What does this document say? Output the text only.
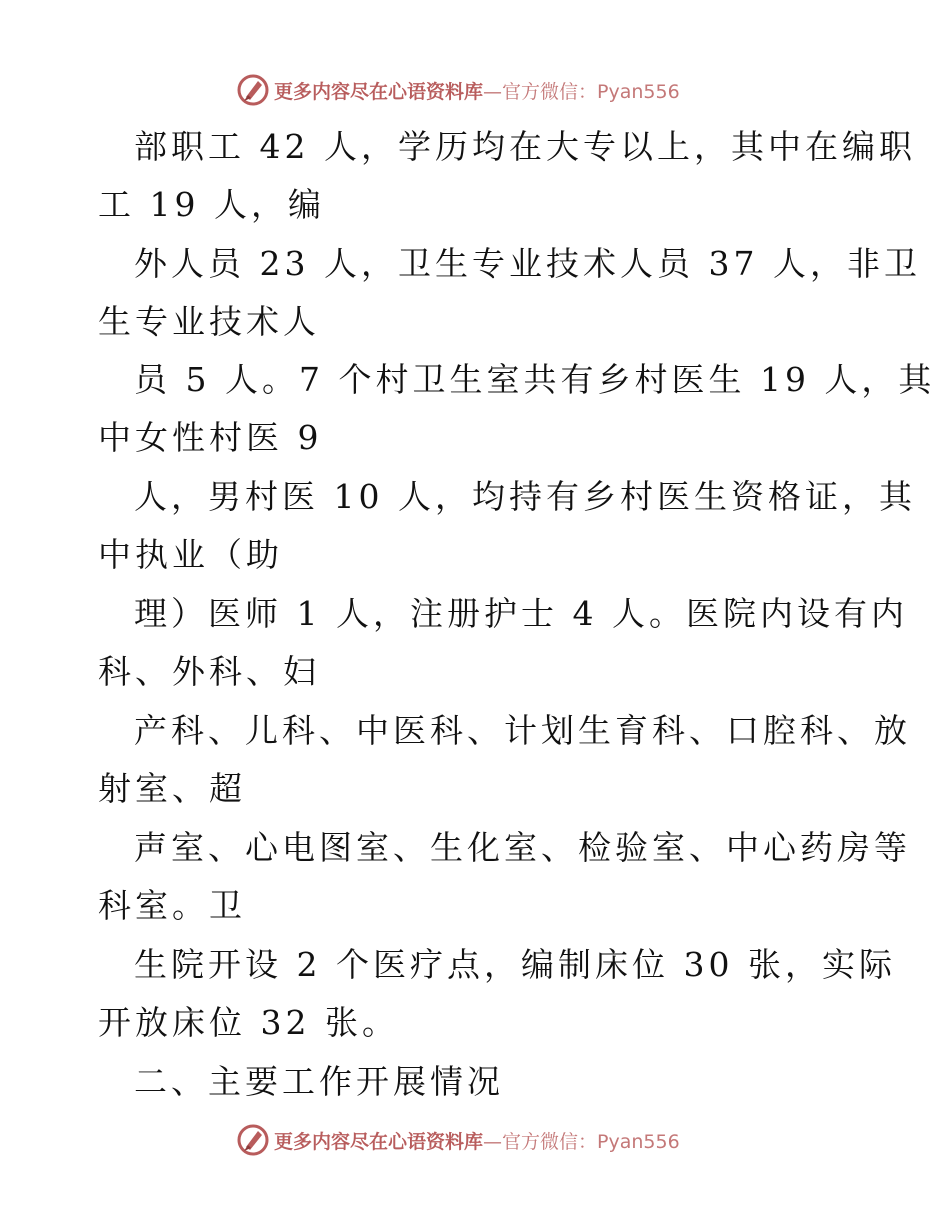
更多内容尽在心语资料库 —官方微信：Pyan556
部职工 42 人，学历均在大专以上，其中在编职
工 19 人，编
外人员 23 人，卫生专业技术人员 37 人，非卫
生专业技术人
员 5 人。7 个村卫生室共有乡村医生 19 人，其
中女性村医 9
人，男村医 10 人，均持有乡村医生资格证，其
中执业（助
理）医师 1 人，注册护士 4 人。医院内设有内
科、外科、妇
产科、儿科、中医科、计划生育科、口腔科、放
射室、超
声室、心电图室、生化室、检验室、中心药房等
科室。卫
生院开设 2 个医疗点，编制床位 30 张，实际
开放床位 32 张。
二、主要工作开展情况
更多内容尽在心语资料库 —官方微信：Pyan556
